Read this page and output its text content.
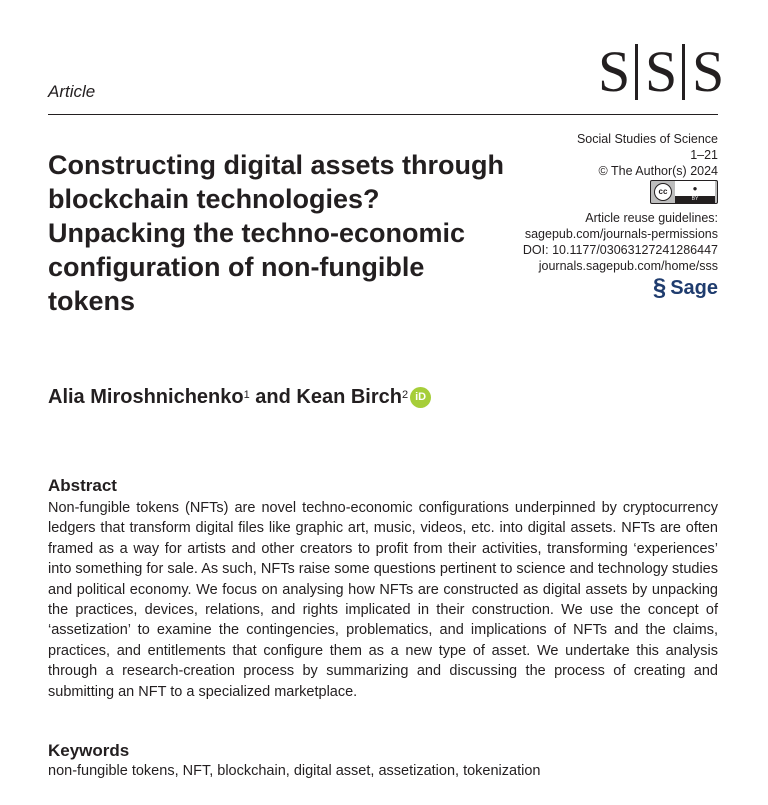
S S S
Article
Social Studies of Science
1–21
© The Author(s) 2024
cc	●
BY
Article reuse guidelines:
sagepub.com/journals-permissions
DOI: 10.1177/03063127241286447
journals.sagepub.com/home/sss
§ Sage
Constructing digital assets through blockchain technologies? Unpacking the techno-economic configuration of non-fungible tokens
Alia Miroshnichenko$^1$ and Kean Birch$^2$ iD
Abstract

Non-fungible tokens (NFTs) are novel techno-economic configurations underpinned by cryptocurrency ledgers that transform digital files like graphic art, music, videos, etc. into digital assets. NFTs are often framed as a way for artists and other creators to profit from their activities, transforming ‘experiences’ into something for sale. As such, NFTs raise some questions pertinent to science and technology studies and political economy. We focus on analysing how NFTs are constructed as digital assets by unpacking the practices, devices, relations, and rights implicated in their construction. We use the concept of ‘assetization’ to examine the contingencies, problematics, and implications of NFTs and the claims, practices, and entitlements that configure them as a new type of asset. We undertake this analysis through a research-creation process by summarizing and discussing the process of creating and submitting an NFT to a specialized marketplace.

Keywords
non-fungible tokens, NFT, blockchain, digital asset, assetization, tokenization
